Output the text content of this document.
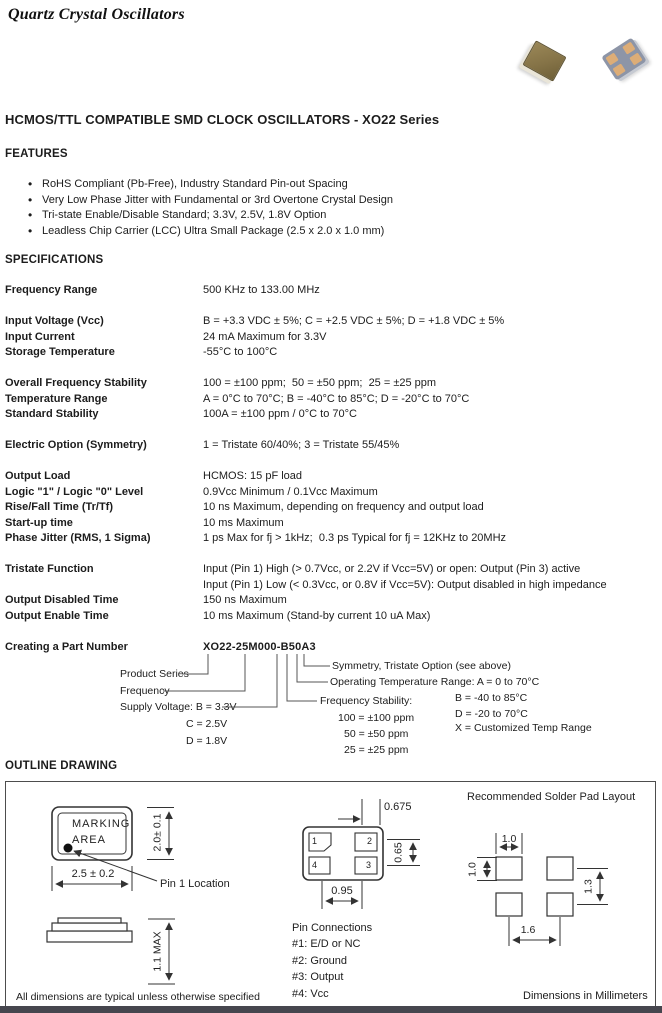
Quartz Crystal Oscillators
HCMOS/TTL COMPATIBLE SMD CLOCK OSCILLATORS - XO22 Series
FEATURES
• RoHS Compliant (Pb-Free), Industry Standard Pin-out Spacing
• Very Low Phase Jitter with Fundamental or 3rd Overtone Crystal Design
• Tri-state Enable/Disable Standard; 3.3V, 2.5V, 1.8V Option
• Leadless Chip Carrier (LCC) Ultra Small Package (2.5 x 2.0 x 1.0 mm)
SPECIFICATIONS
Frequency Range	500 KHz to 133.00 MHz
Input Voltage (Vcc)	B = +3.3 VDC ± 5%; C = +2.5 VDC ± 5%; D = +1.8 VDC ± 5%
Input Current	24 mA Maximum for 3.3V
Storage Temperature	-55°C to 100°C
Overall Frequency Stability	100 = ±100 ppm;  50 = ±50 ppm;  25 = ±25 ppm
Temperature Range	A = 0°C to 70°C; B = -40°C to 85°C; D = -20°C to 70°C
Standard Stability	100A = ±100 ppm / 0°C to 70°C
Electric Option (Symmetry)	1 = Tristate 60/40%; 3 = Tristate 55/45%
Output Load	HCMOS: 15 pF load
Logic "1" / Logic "0" Level	0.9Vcc Minimum / 0.1Vcc Maximum
Rise/Fall Time (Tr/Tf)	10 ns Maximum, depending on frequency and output load
Start-up time	10 ms Maximum
Phase Jitter (RMS, 1 Sigma)	1 ps Max for fj > 1kHz;  0.3 ps Typical for fj = 12KHz to 20MHz
Tristate Function	Input (Pin 1) High (> 0.7Vcc, or 2.2V if Vcc=5V) or open: Output (Pin 3) active
Input (Pin 1) Low (< 0.3Vcc, or 0.8V if Vcc=5V): Output disabled in high impedance
Output Disabled Time	150 ns Maximum
Output Enable Time	10 ms Maximum (Stand-by current 10 uA Max)
Creating a Part Number	XO22-25M000-B50A3
Product Series
Frequency
Supply Voltage: B = 3.3V
C = 2.5V
D = 1.8V
Frequency Stability:
100 = ±100 ppm
50 = ±50 ppm
25 = ±25 ppm
Symmetry, Tristate Option (see above)
Operating Temperature Range: A = 0 to 70°C
B = -40 to 85°C
D = -20 to 70°C
X = Customized Temp Range
OUTLINE DRAWING
MARKING
AREA	2.0± 0.1
2.5 ± 0.2
Pin 1 Location
1.1 MAX
1	2
3
4
0.675
0.65
0.95
Recommended Solder Pad Layout
1.0
1.0
1.3
1.6
Pin Connections
#1: E/D or NC
#2: Ground
#3: Output
#4: Vcc
All dimensions are typical unless otherwise specified	Dimensions in Millimeters
